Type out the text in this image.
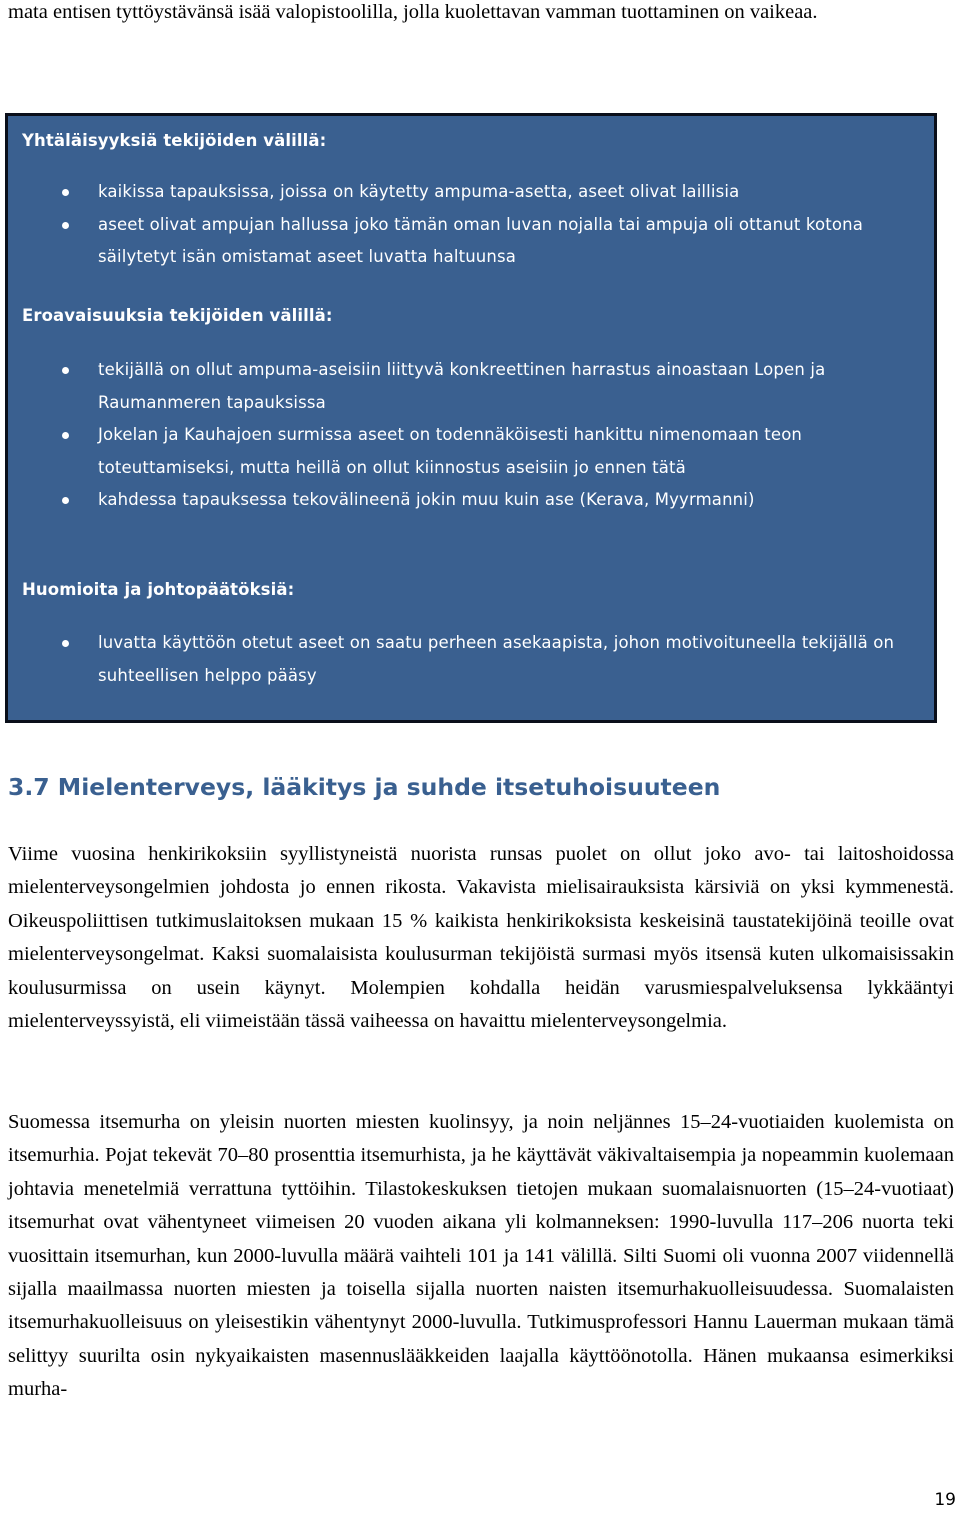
mata entisen tyttöystävänsä isää valopistoolilla, jolla kuolettavan vamman tuottaminen on vaikeaa.

Yhtäläisyyksiä tekijöiden välillä:
kaikissa tapauksissa, joissa on käytetty ampuma-asetta, aseet olivat laillisia
aseet olivat ampujan hallussa joko tämän oman luvan nojalla tai ampuja oli ottanut kotona säilytetyt isän omistamat aseet luvatta haltuunsa
Eroavaisuuksia tekijöiden välillä:
tekijällä on ollut ampuma-aseisiin liittyvä konkreettinen harrastus ainoastaan Lopen ja Raumanmeren tapauksissa
Jokelan ja Kauhajoen surmissa aseet on todennäköisesti hankittu nimenomaan teon toteuttamiseksi, mutta heillä on ollut kiinnostus aseisiin jo ennen tätä
kahdessa tapauksessa tekovälineenä jokin muu kuin ase (Kerava, Myyrmanni)
Huomioita ja johtopäätöksiä:
luvatta käyttöön otetut aseet on saatu perheen asekaapista, johon motivoituneella tekijällä on suhteellisen helppo pääsy
3.7 Mielenterveys, lääkitys ja suhde itsetuhoisuuteen

Viime vuosina henkirikoksiin syyllistyneistä nuorista runsas puolet on ollut joko avo- tai laitoshoidossa mielenterveysongelmien johdosta jo ennen rikosta. Vakavista mielisairauksista kärsiviä on yksi kymmenestä. Oikeuspoliittisen tutkimuslaitoksen mukaan 15 % kaikista henkirikoksista keskeisinä taustatekijöinä teoille ovat mielenterveysongelmat. Kaksi suomalaisista koulusurman tekijöistä surmasi myös itsensä kuten ulkomaisissakin koulusurmissa on usein käynyt. Molempien kohdalla heidän varusmiespalveluksensa lykkääntyi mielenterveyssyistä, eli viimeistään tässä vaiheessa on havaittu mielenterveysongelmia.

Suomessa itsemurha on yleisin nuorten miesten kuolinsyy, ja noin neljännes 15–24-vuotiaiden kuolemista on itsemurhia. Pojat tekevät 70–80 prosenttia itsemurhista, ja he käyttävät väkivaltaisempia ja nopeammin kuolemaan johtavia menetelmiä verrattuna tyttöihin. Tilastokeskuksen tietojen mukaan suomalaisnuorten (15–24-vuotiaat) itsemurhat ovat vähentyneet viimeisen 20 vuoden aikana yli kolmanneksen: 1990-luvulla 117–206 nuorta teki vuosittain itsemurhan, kun 2000-luvulla määrä vaihteli 101 ja 141 välillä. Silti Suomi oli vuonna 2007 viidennellä sijalla maailmassa nuorten miesten ja toisella sijalla nuorten naisten itsemurhakuolleisuudessa. Suomalaisten itsemurhakuolleisuus on yleisestikin vähentynyt 2000-luvulla. Tutkimusprofessori Hannu Lauerman mukaan tämä selittyy suurilta osin nykyaikaisten masennuslääkkeiden laajalla käyttöönotolla. Hänen mukaansa esimerkiksi murha-

19
